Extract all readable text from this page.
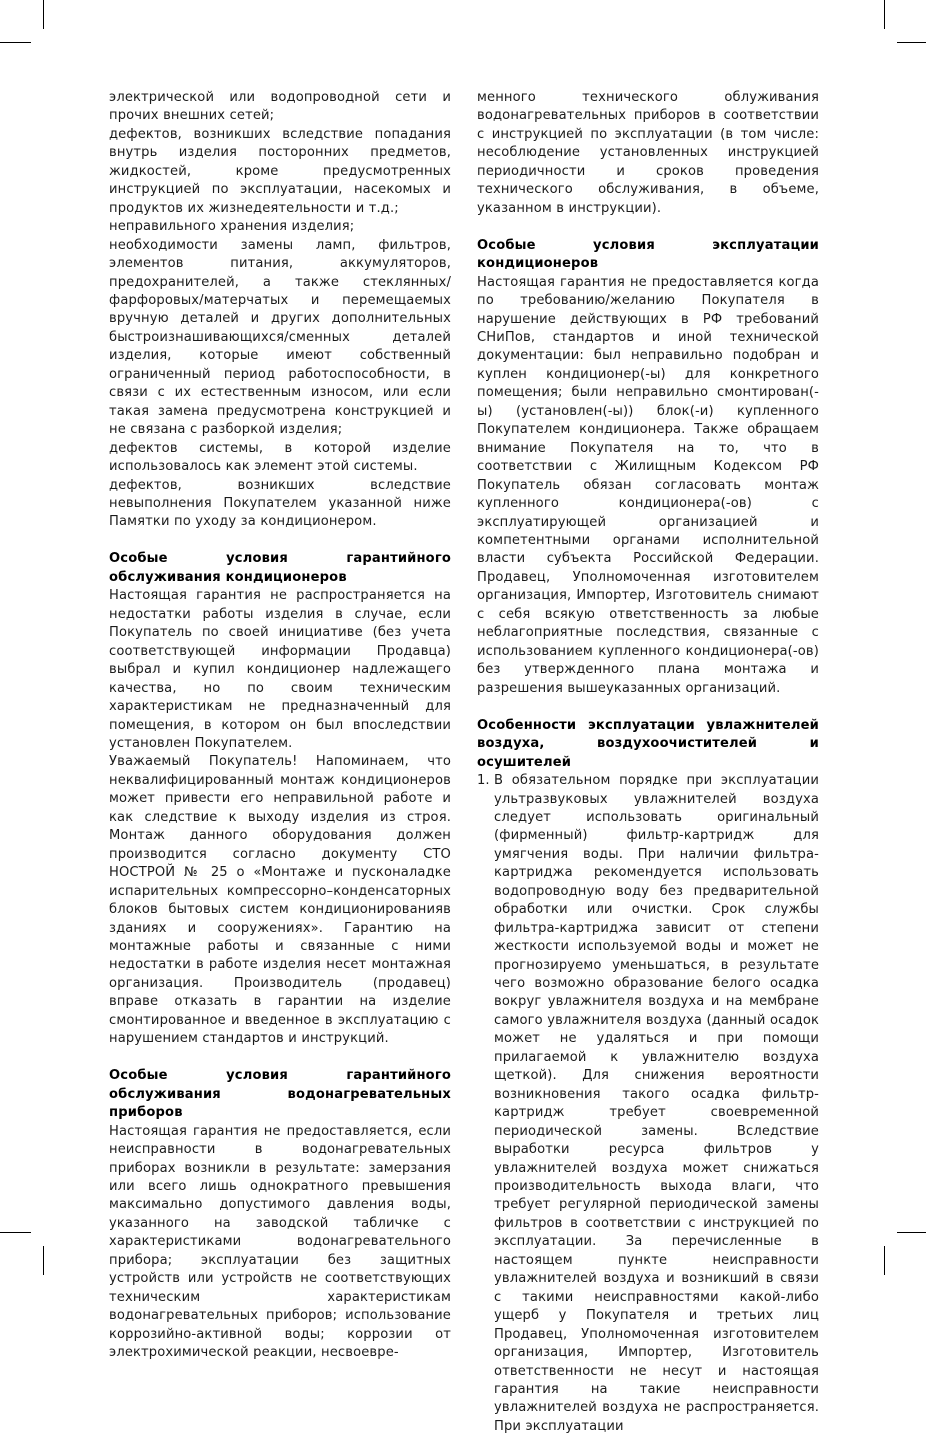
электрической или водопроводной сети и прочих внешних сетей;

дефектов, возникших вследствие попадания внутрь изделия посторонних предметов, жидкостей, кроме предусмотренных инструкцией по эксплуатации, насекомых и продуктов их жизнедеятельности и т.д.;

неправильного хранения изделия;

необходимости замены ламп, фильтров, элементов питания, аккумуляторов, предохранителей, а также стеклянных/фарфоровых/матерчатых и перемещаемых вручную деталей и других дополнительных быстроизнашивающихся/сменных деталей изделия, которые имеют собственный ограниченный период работоспособности, в связи с их естественным износом, или если такая замена предусмотрена конструкцией и не связана с разборкой изделия;

дефектов системы, в которой изделие использовалось как элемент этой системы.

дефектов, возникших вследствие невыполнения Покупателем указанной ниже Памятки по уходу за кондиционером.

Особые условия гарантийного обслуживания кондиционеров

Настоящая гарантия не распространяется на недостатки работы изделия в случае, если Покупатель по своей инициативе (без учета соответствующей информации Продавца) выбрал и купил кондиционер надлежащего качества, но по своим техническим характеристикам не предназначенный для помещения, в котором он был впоследствии установлен Покупателем.

Уважаемый Покупатель! Напоминаем, что неквалифицированный монтаж кондиционеров может привести его неправильной работе и как следствие к выходу изделия из строя. Монтаж данного оборудования должен производится согласно документу СТО НОСТРОЙ № 25 о «Монтаже и пусконаладке испарительных компрессорно–конденсаторных блоков бытовых систем кондиционированияв зданиях и сооружениях». Гарантию на монтажные работы и связанные с ними недостатки в работе изделия несет монтажная организация. Производитель (продавец) вправе отказать в гарантии на изделие смонтированное и введенное в эксплуатацию с нарушением стандартов и инструкций.

Особые условия гарантийного обслуживания водонагревательных приборов

Настоящая гарантия не предоставляется, если неисправности в водонагревательных приборах возникли в результате: замерзания или всего лишь однократного превышения максимально допустимого давления воды, указанного на заводской табличке с характеристиками водонагревательного прибора; эксплуатации без защитных устройств или устройств не соответствующих техническим характеристикам водонагревательных приборов; использование коррозийно-активной воды; коррозии от электрохимической реакции, несвоевре-

менного технического облуживания водонагревательных приборов в соответствии с инструкцией по эксплуатации (в том числе: несоблюдение установленных инструкцией периодичности и сроков проведения технического обслуживания, в объеме, указанном в инструкции).

Особые условия эксплуатации кондиционеров

Настоящая гарантия не предоставляется когда по требованию/желанию Покупателя в нарушение действующих в РФ требований СНиПов, стандартов и иной технической документации: был неправильно подобран и куплен кондиционер(-ы) для конкретного помещения; были неправильно смонтирован(-ы) (установлен(-ы)) блок(-и) купленного Покупателем кондиционера. Также обращаем внимание Покупателя на то, что в соответствии с Жилищным Кодексом РФ Покупатель обязан согласовать монтаж купленного кондиционера(-ов) с эксплуатирующей организацией и компетентными органами исполнительной власти субъекта Российской Федерации. Продавец, Уполномоченная изготовителем организация, Импортер, Изготовитель снимают с себя всякую ответственность за любые неблагоприятные последствия, связанные с использованием купленного кондиционера(-ов) без утвержденного плана монтажа и разрешения вышеуказанных организаций.

Особенности эксплуатации увлажнителей воздуха, воздухоочистителей и осушителей
1. В обязательном порядке при эксплуатации ультразвуковых увлажнителей воздуха следует использовать оригинальный (фирменный) фильтр-картридж для умягчения воды. При наличии фильтра-картриджа рекомендуется использовать водопроводную воду без предварительной обработки или очистки. Срок службы фильтра-картриджа зависит от степени жесткости используемой воды и может не прогнозируемо уменьшаться, в результате чего возможно образование белого осадка вокруг увлажнителя воздуха и на мембране самого увлажнителя воздуха (данный осадок может не удаляться и при помощи прилагаемой к увлажнителю воздуха щеткой). Для снижения вероятности возникновения такого осадка фильтр-картридж требует своевременной периодической замены. Вследствие выработки ресурса фильтров у увлажнителей воздуха может снижаться производительность выхода влаги, что требует регулярной периодической замены фильтров в соответствии с инструкцией по эксплуатации. За перечисленные в настоящем пункте неисправности увлажнителей воздуха и возникший в связи с такими неисправностями какой-либо ущерб у Покупателя и третьих лиц Продавец, Уполномоченная изготовителем организация, Импортер, Изготовитель ответственности не несут и настоящая гарантия на такие неисправности увлажнителей воздуха не распространяется. При эксплуатации
